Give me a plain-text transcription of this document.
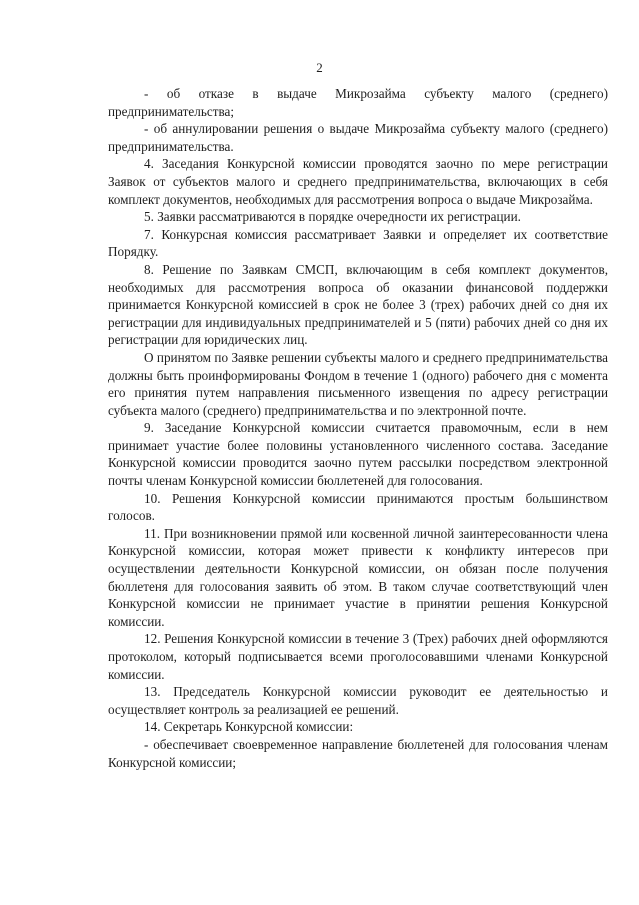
2

- об отказе в выдаче Микрозайма субъекту малого (среднего) предпринимательства;

- об аннулировании решения о выдаче Микрозайма субъекту малого (среднего) предпринимательства.

4. Заседания Конкурсной комиссии проводятся заочно по мере регистрации Заявок от субъектов малого и среднего предпринимательства, включающих в себя комплект документов, необходимых для рассмотрения вопроса о выдаче Микрозайма.

5. Заявки рассматриваются в порядке очередности их регистрации.

7. Конкурсная комиссия рассматривает Заявки и определяет их соответствие Порядку.

8. Решение по Заявкам СМСП, включающим в себя комплект документов, необходимых для рассмотрения вопроса об оказании финансовой поддержки принимается Конкурсной комиссией в срок не более 3 (трех) рабочих дней со дня их регистрации для индивидуальных предпринимателей и 5 (пяти) рабочих дней со дня их регистрации для юридических лиц.

О принятом по Заявке решении субъекты малого и среднего предпринимательства должны быть проинформированы Фондом в течение 1 (одного) рабочего дня с момента его принятия путем направления письменного извещения по адресу регистрации субъекта малого (среднего) предпринимательства и по электронной почте.

9. Заседание Конкурсной комиссии считается правомочным, если в нем принимает участие более половины установленного численного состава. Заседание Конкурсной комиссии проводится заочно путем рассылки посредством электронной почты членам Конкурсной комиссии бюллетеней для голосования.

10. Решения Конкурсной комиссии принимаются простым большинством голосов.

11. При возникновении прямой или косвенной личной заинтересованности члена Конкурсной комиссии, которая может привести к конфликту интересов при осуществлении деятельности Конкурсной комиссии, он обязан после получения бюллетеня для голосования заявить об этом. В таком случае соответствующий член Конкурсной комиссии не принимает участие в принятии решения Конкурсной комиссии.

12. Решения Конкурсной комиссии в течение 3 (Трех) рабочих дней оформляются протоколом, который подписывается всеми проголосовавшими членами Конкурсной комиссии.

13. Председатель Конкурсной комиссии руководит ее деятельностью и осуществляет контроль за реализацией ее решений.

14. Секретарь Конкурсной комиссии:

- обеспечивает своевременное направление бюллетеней для голосования членам Конкурсной комиссии;
